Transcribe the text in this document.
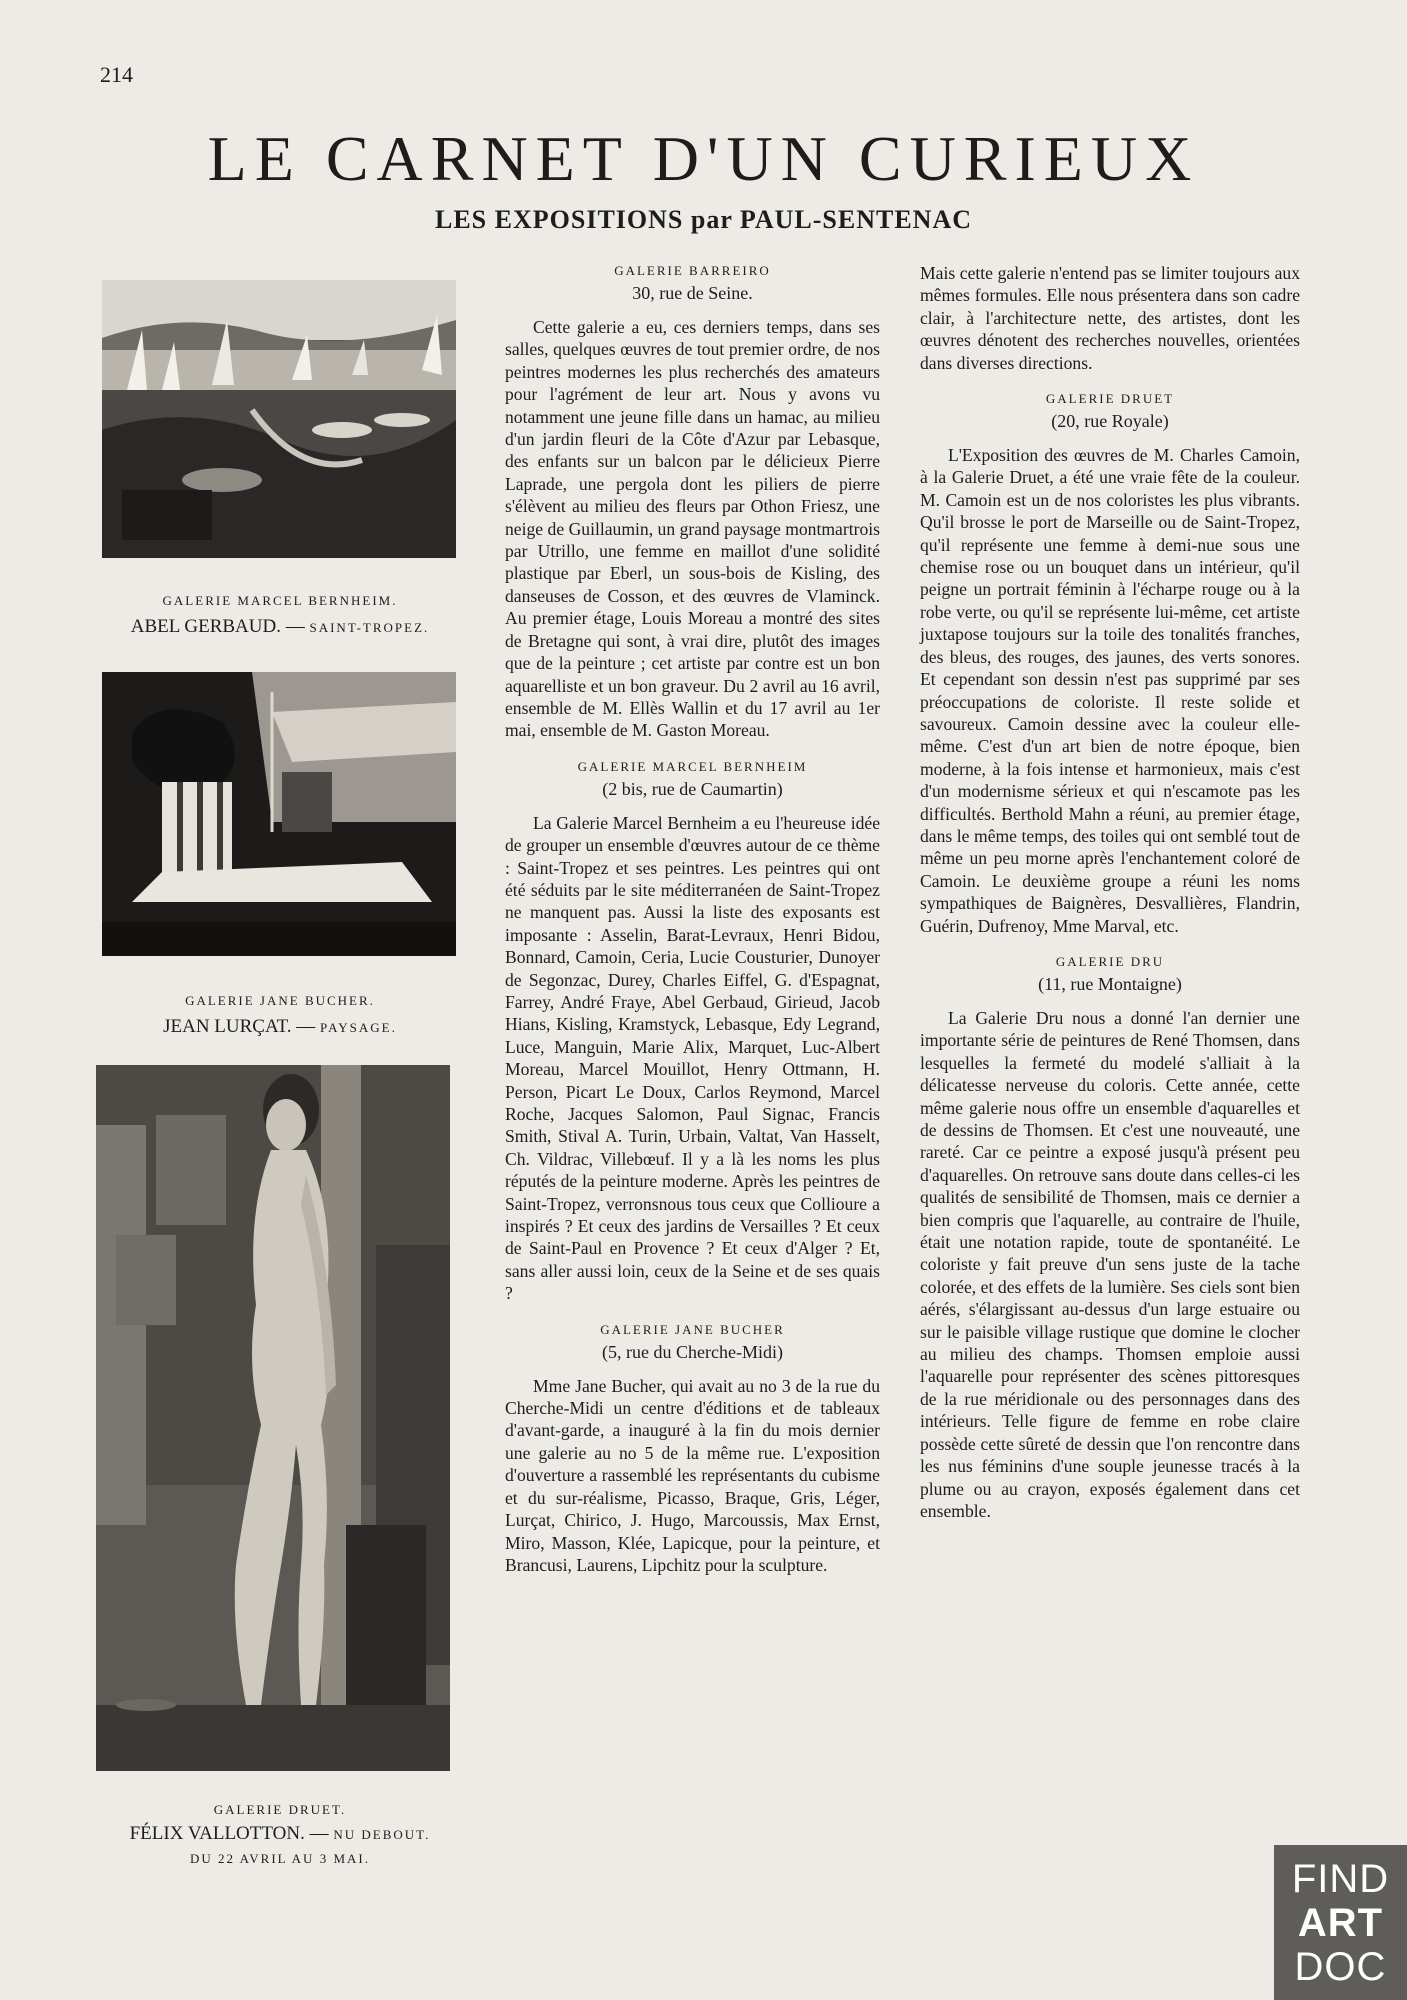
214
LE CARNET D'UN CURIEUX
LES EXPOSITIONS par PAUL-SENTENAC
GALERIE MARCEL BERNHEIM.
ABEL GERBAUD. — SAINT-TROPEZ.
GALERIE JANE BUCHER.
JEAN LURÇAT. — PAYSAGE.
GALERIE DRUET.
FÉLIX VALLOTTON. — NU DEBOUT.
DU 22 AVRIL AU 3 MAI.

GALERIE BARREIRO

30, rue de Seine.

Cette galerie a eu, ces derniers temps, dans ses salles, quelques œuvres de tout premier ordre, de nos peintres modernes les plus recherchés des amateurs pour l'agrément de leur art. Nous y avons vu notamment une jeune fille dans un hamac, au milieu d'un jardin fleuri de la Côte d'Azur par Lebasque, des enfants sur un balcon par le délicieux Pierre Laprade, une pergola dont les piliers de pierre s'élèvent au milieu des fleurs par Othon Friesz, une neige de Guillaumin, un grand paysage montmartrois par Utrillo, une femme en maillot d'une solidité plastique par Eberl, un sous-bois de Kisling, des danseuses de Cosson, et des œuvres de Vlaminck. Au premier étage, Louis Moreau a montré des sites de Bretagne qui sont, à vrai dire, plutôt des images que de la peinture ; cet artiste par contre est un bon aquarelliste et un bon graveur. Du 2 avril au 16 avril, ensemble de M. Ellès Wallin et du 17 avril au 1er mai, ensemble de M. Gaston Moreau.

GALERIE MARCEL BERNHEIM

(2 bis, rue de Caumartin)

La Galerie Marcel Bernheim a eu l'heureuse idée de grouper un ensemble d'œuvres autour de ce thème : Saint-Tropez et ses peintres. Les peintres qui ont été séduits par le site méditerranéen de Saint-Tropez ne manquent pas. Aussi la liste des exposants est imposante : Asselin, Barat-Levraux, Henri Bidou, Bonnard, Camoin, Ceria, Lucie Cousturier, Dunoyer de Segonzac, Durey, Charles Eiffel, G. d'Espagnat, Farrey, André Fraye, Abel Gerbaud, Girieud, Jacob Hians, Kisling, Kramstyck, Lebasque, Edy Legrand, Luce, Manguin, Marie Alix, Marquet, Luc-Albert Moreau, Marcel Mouillot, Henry Ottmann, H. Person, Picart Le Doux, Carlos Reymond, Marcel Roche, Jacques Salomon, Paul Signac, Francis Smith, Stival A. Turin, Urbain, Valtat, Van Hasselt, Ch. Vildrac, Villebœuf. Il y a là les noms les plus réputés de la peinture moderne. Après les peintres de Saint-Tropez, verronsnous tous ceux que Collioure a inspirés ? Et ceux des jardins de Versailles ? Et ceux de Saint-Paul en Provence ? Et ceux d'Alger ? Et, sans aller aussi loin, ceux de la Seine et de ses quais ?

GALERIE JANE BUCHER

(5, rue du Cherche-Midi)

Mme Jane Bucher, qui avait au no 3 de la rue du Cherche-Midi un centre d'éditions et de tableaux d'avant-garde, a inauguré à la fin du mois dernier une galerie au no 5 de la même rue. L'exposition d'ouverture a rassemblé les représentants du cubisme et du sur-réalisme, Picasso, Braque, Gris, Léger, Lurçat, Chirico, J. Hugo, Marcoussis, Max Ernst, Miro, Masson, Klée, Lapicque, pour la peinture, et Brancusi, Laurens, Lipchitz pour la sculpture.

Mais cette galerie n'entend pas se limiter toujours aux mêmes formules. Elle nous présentera dans son cadre clair, à l'architecture nette, des artistes, dont les œuvres dénotent des recherches nouvelles, orientées dans diverses directions.

GALERIE DRUET

(20, rue Royale)

L'Exposition des œuvres de M. Charles Camoin, à la Galerie Druet, a été une vraie fête de la couleur. M. Camoin est un de nos coloristes les plus vibrants. Qu'il brosse le port de Marseille ou de Saint-Tropez, qu'il représente une femme à demi-nue sous une chemise rose ou un bouquet dans un intérieur, qu'il peigne un portrait féminin à l'écharpe rouge ou à la robe verte, ou qu'il se représente lui-même, cet artiste juxtapose toujours sur la toile des tonalités franches, des bleus, des rouges, des jaunes, des verts sonores. Et cependant son dessin n'est pas supprimé par ses préoccupations de coloriste. Il reste solide et savoureux. Camoin dessine avec la couleur elle-même. C'est d'un art bien de notre époque, bien moderne, à la fois intense et harmonieux, mais c'est d'un modernisme sérieux et qui n'escamote pas les difficultés. Berthold Mahn a réuni, au premier étage, dans le même temps, des toiles qui ont semblé tout de même un peu morne après l'enchantement coloré de Camoin. Le deuxième groupe a réuni les noms sympathiques de Baignères, Desvallières, Flandrin, Guérin, Dufrenoy, Mme Marval, etc.

GALERIE DRU

(11, rue Montaigne)

La Galerie Dru nous a donné l'an dernier une importante série de peintures de René Thomsen, dans lesquelles la fermeté du modelé s'alliait à la délicatesse nerveuse du coloris. Cette année, cette même galerie nous offre un ensemble d'aquarelles et de dessins de Thomsen. Et c'est une nouveauté, une rareté. Car ce peintre a exposé jusqu'à présent peu d'aquarelles. On retrouve sans doute dans celles-ci les qualités de sensibilité de Thomsen, mais ce dernier a bien compris que l'aquarelle, au contraire de l'huile, était une notation rapide, toute de spontanéité. Le coloriste y fait preuve d'un sens juste de la tache colorée, et des effets de la lumière. Ses ciels sont bien aérés, s'élargissant au-dessus d'un large estuaire ou sur le paisible village rustique que domine le clocher au milieu des champs. Thomsen emploie aussi l'aquarelle pour représenter des scènes pittoresques de la rue méridionale ou des personnages dans des intérieurs. Telle figure de femme en robe claire possède cette sûreté de dessin que l'on rencontre dans les nus féminins d'une souple jeunesse tracés à la plume ou au crayon, exposés également dans cet ensemble.

FIND
ART
DOC
